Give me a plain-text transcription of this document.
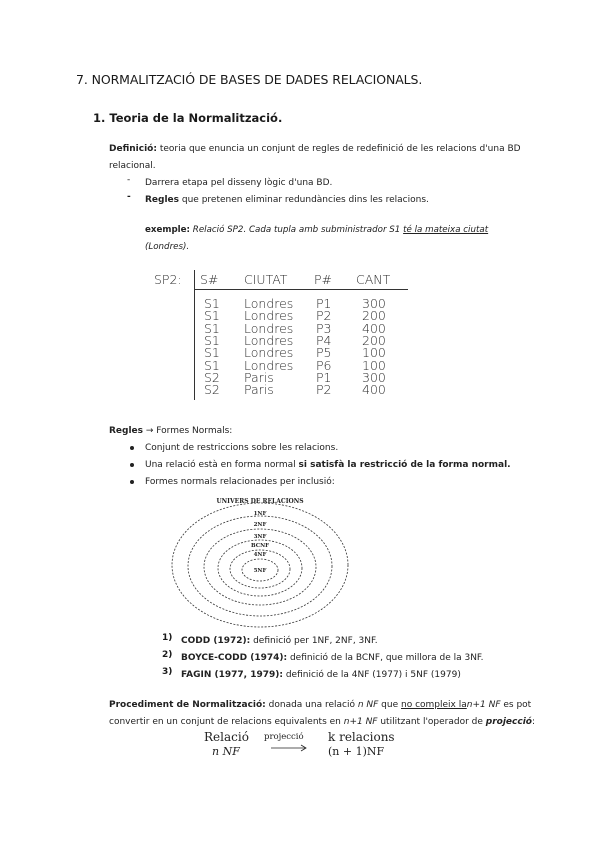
7. NORMALITZACIÓ DE BASES DE DADES RELACIONALS.
1. Teoria de la Normalització.
Definició: teoria que enuncia un conjunt de regles de redefinició de les relacions d'una BD
relacional.
- Darrera etapa pel disseny lògic d'una BD.
- Regles que pretenen eliminar redundàncies dins les relacions.
exemple: Relació SP2. Cada tupla amb subministrador S1 té la mateixa ciutat
(Londres).
SP2: S# CIUTAT P# CANT
S1 Londres P1 300
S1 Londres P2 200
S1 Londres P3 400
S1 Londres P4 200
S1 Londres P5 100
S1 Londres P6 100
S2 Paris	P1 300
S2 Paris	P2 400
Regles → Formes Normals:
Conjunt de restriccions sobre les relacions.
Una relació està en forma normal si satisfà la restricció de la forma normal.
Formes normals relacionades per inclusió:
UNIVERS DE RELACIONS
1NF
2NF
3NF
BCNF
4NF
5NF
1) CODD (1972): definició per 1NF, 2NF, 3NF.
2) BOYCE-CODD (1974): definició de la BCNF, que millora de la 3NF.
3) FAGIN (1977, 1979): definició de la 4NF (1977) i 5NF (1979)
Procediment de Normalització: donada una relació n NF que no compleix lan+1 NF es pot
convertir en un conjunt de relacions equivalents en n+1 NF utilitzant l'operador de projecció:
Relació
n NF
projecció k relacions
(n + 1)NF
